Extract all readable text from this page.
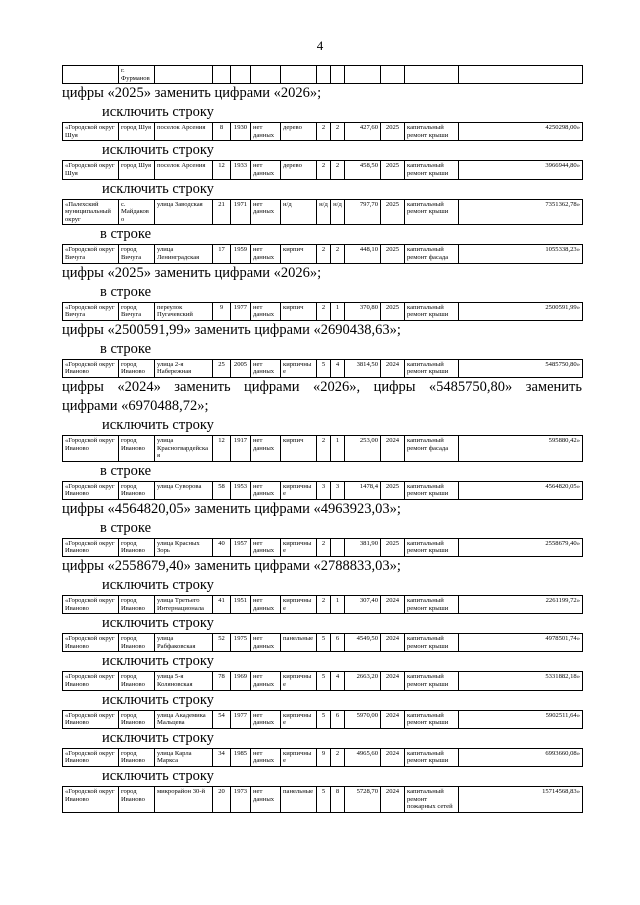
4
	г. Фурманов											

цифры «2025» заменить цифрами «2026»;

исключить строку

«Городской округ Шуя	город Шуя	поселок Арсения	8	1930	нет данных	дерево	2	2	427,60	2025	капитальный ремонт крыши	4250298,00»

исключить строку

«Городской округ Шуя	город Шуя	поселок Арсения	12	1933	нет данных	дерево	2	2	458,50	2025	капитальный ремонт крыши	3966944,80»

исключить строку

«Палехский муниципальный округ	с. Майдаково	улица Заводская	21	1971	нет данных	н/д	н/д	н/д	797,70	2025	капитальный ремонт крыши	7351362,78»

в строке

«Городской округ Вичуга	город Вичуга	улица Ленинградская	17	1959	нет данных	кирпич	2	2	448,10	2025	капитальный ремонт фасада	1055338,23»

цифры «2025» заменить цифрами «2026»;

в строке

«Городской округ Вичуга	город Вичуга	переулок Пугачевский	9	1977	нет данных	кирпич	2	1	370,80	2025	капитальный ремонт крыши	2500591,99»

цифры «2500591,99» заменить цифрами «2690438,63»;

в строке

«Городской округ Иваново	город Иваново	улица 2-я Набережная	25	2005	нет данных	кирпичные	5	4	3814,50	2024	капитальный ремонт крыши	5485750,80»

цифры «2024» заменить цифрами «2026», цифры «5485750,80» заменить

цифрами «6970488,72»;

исключить строку

«Городской округ Иваново	город Иваново	улица Красногвардейская	12	1917	нет данных	кирпич	2	1	253,00	2024	капитальный ремонт фасада	595880,42»

в строке

«Городской округ Иваново	город Иваново	улица Суворова	58	1953	нет данных	кирпичные	3	3	1478,4	2025	капитальный ремонт крыши	4564820,05»

цифры «4564820,05» заменить цифрами «4963923,03»;

в строке

«Городской округ Иваново	город Иваново	улица Красных Зорь	40	1957	нет данных	кирпичные	2		381,90	2025	капитальный ремонт крыши	2558679,40»

цифры «2558679,40» заменить цифрами «2788833,03»;

исключить строку

«Городской округ Иваново	город Иваново	улица Третьего Интернационала	41	1951	нет данных	кирпичные	2	1	307,40	2024	капитальный ремонт крыши	2261199,72»

исключить строку

«Городской округ Иваново	город Иваново	улица Рабфаковская	52	1975	нет данных	панельные	5	6	4549,50	2024	капитальный ремонт крыши	4978501,74»

исключить строку

«Городской округ Иваново	город Иваново	улица 5-я Коляновская	78	1969	нет данных	кирпичные	5	4	2663,20	2024	капитальный ремонт крыши	5331882,18»

исключить строку

«Городской округ Иваново	город Иваново	улица Академика Мальцева	54	1977	нет данных	кирпичные	5	6	5970,00	2024	капитальный ремонт крыши	5902511,64»

исключить строку

«Городской округ Иваново	город Иваново	улица Карла Маркса	34	1985	нет данных	кирпичные	9	2	4965,60	2024	капитальный ремонт крыши	6993660,08»

исключить строку

«Городской округ Иваново	город Иваново	микрорайон 30-й	20	1973	нет данных	панельные	5	8	5728,70	2024	капитальный ремонт пожарных сетей	15714568,83»
